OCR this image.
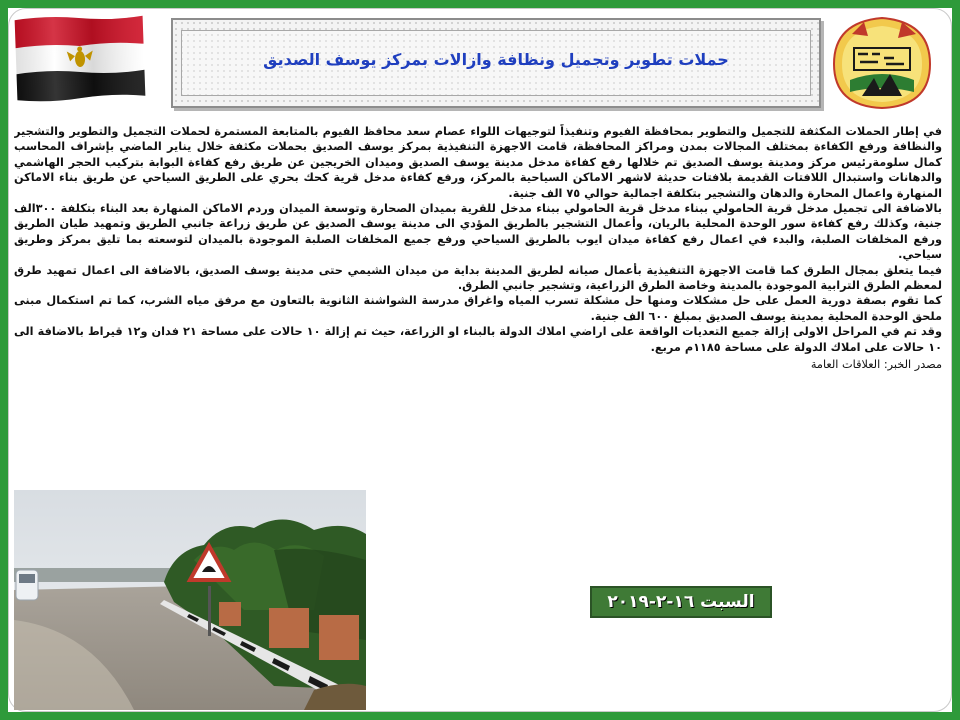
حملات تطوير وتجميل ونظافة وازالات بمركز يوسف الصديق

في إطار الحملات المكثفة للتجميل والتطوير بمحافظة الفيوم وتنفيذاً لتوجيهات اللواء عصام سعد محافظ الفيوم بالمتابعة المستمرة لحملات التجميل والتطوير والتشجير والنظافة ورفع الكفاءة بمختلف المجالات بمدن ومراكز المحافظة، قامت الاجهزة التنفيذية بمركز يوسف الصديق بحملات مكثفة خلال يناير الماضي بإشراف المحاسب كمال سلومةرئيس مركز ومدينة يوسف الصديق تم خلالها رفع كفاءة مدخل مدينة يوسف الصديق وميدان الخريجين عن طريق رفع كفاءة البوابة بتركيب الحجر الهاشمي والدهانات واستبدال اللافتات القديمة بلافتات حديثة لاشهر الاماكن السياحية بالمركز، ورفع كفاءة مدخل قرية كحك بحري على الطريق السياحي عن طريق بناء الاماكن المنهارة واعمال المحارة والدهان والتشجير بتكلفة اجمالية حوالي ٧٥ الف جنية.

بالاضافة الى تجميل مدخل قرية الحامولي ببناء مدخل قرية الحامولي ببناء مدخل للقرية بميدان الصحارة وتوسعة الميدان وردم الاماكن المنهارة بعد البناء بتكلفة ٣٠٠الف جنية، وكذلك رفع كفاءة سور الوحدة المحلية بالريان، وأعمال التشجير بالطريق المؤدي الى مدينة يوسف الصديق عن طريق زراعة جانبي الطريق وتمهيد طيان الطريق ورفع المخلفات الصلبة، والبدء في اعمال رفع كفاءة ميدان ايوب بالطريق السياحي ورفع جميع المخلفات الصلبة الموجودة بالميدان لتوسعته بما تليق بمركز وطريق سياحي.

فيما يتعلق بمجال الطرق كما قامت الاجهزة التنفيذية بأعمال صيانه لطريق المدينة بداية من ميدان الشيمي حتى مدينة يوسف الصديق، بالاضافة الى اعمال تمهيد طرق لمعظم الطرق الترابية الموجودة بالمدينة وخاصة الطرق الزراعية، وتشجير جانبي الطرق.

كما تقوم بصفة دورية العمل على حل مشكلات ومنها حل مشكلة تسرب المياه واغراق مدرسة الشواشنة الثانوية بالتعاون مع مرفق مياه الشرب، كما تم استكمال مبنى ملحق الوحدة المحلية بمدينة يوسف الصديق بمبلغ ٦٠٠ الف جنية.

وقد تم في المراحل الاولى إزالة جميع التعديات الواقعة على اراضي املاك الدولة بالبناء او الزراعة، حيث تم إزالة ١٠ حالات على مساحة ٢١ فدان و١٢ قيراط بالاضافة الى ١٠ حالات على املاك الدولة على مساحة ١١٨٥م مربع.

مصدر الخبر: العلاقات العامة

السبت ١٦-٢-٢٠١٩
